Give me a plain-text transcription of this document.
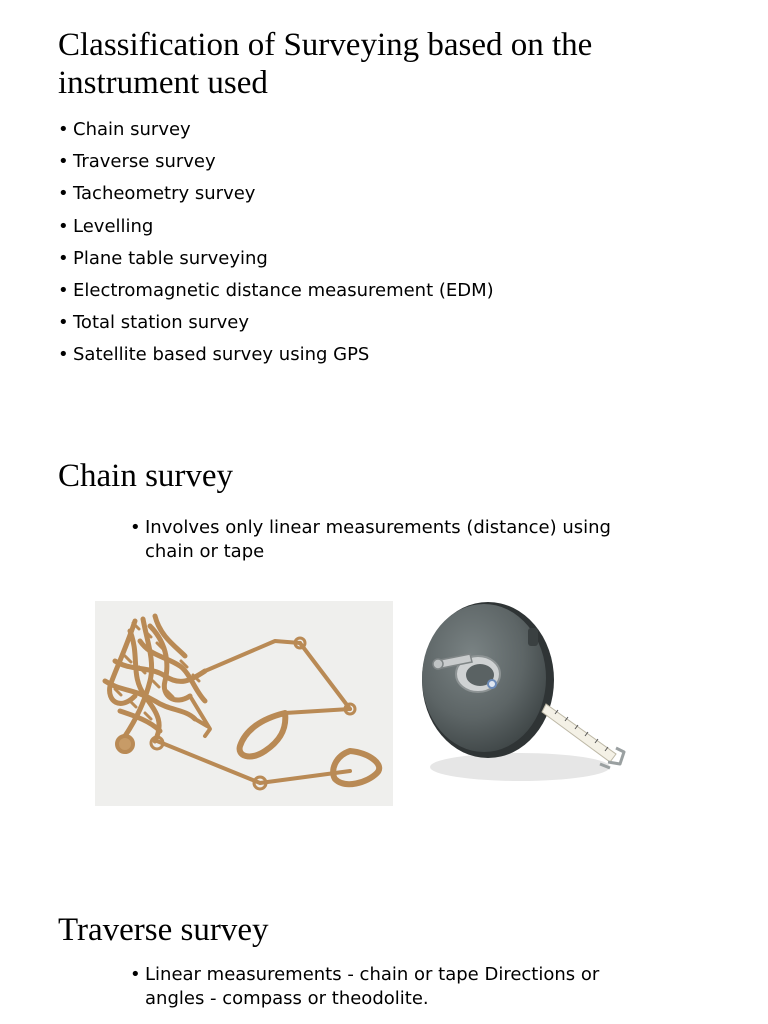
Classification of Surveying based on the instrument used
• Chain survey
• Traverse survey
• Tacheometry survey
• Levelling
• Plane table surveying
• Electromagnetic distance measurement (EDM)
• Total station survey
• Satellite based survey using GPS
Chain survey
• Involves only linear measurements (distance) using chain or tape
Traverse survey
• Linear measurements - chain or tape Directions or angles - compass or theodolite.
